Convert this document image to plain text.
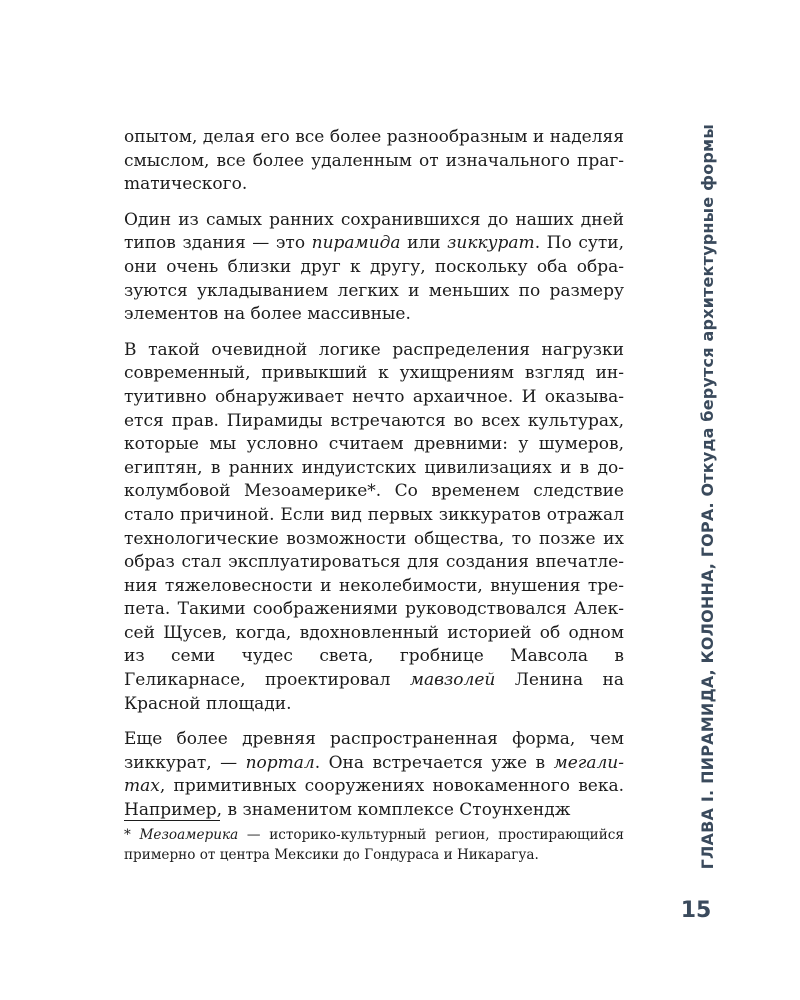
опытом, делая его все более разнообразным и наделяя смыслом, все более удаленным от изначального прагmатического.

Один из самых ранних сохранившихся до наших дней типов здания — это пирамида или зиккурат. По сути, они очень близки друг к другу, поскольку оба образуются укладыванием легких и меньших по размеру элементов на более массивные.

В такой очевидной логике распределения нагрузки современный, привыкший к ухищрениям взгляд интуитивно обнаруживает нечто архаичное. И оказывается прав. Пирамиды встречаются во всех культурах, которые мы условно считаем древними: у шумеров, египтян, в ранних индуистских цивилизациях и в доколумбовой Мезоамерике*. Со временем следствие стало причиной. Если вид первых зиккуратов отражал технологические возможности общества, то позже их образ стал эксплуатироваться для создания впечатления тяжеловесности и неколебимости, внушения трепета. Такими соображениями руководствовался Алексей Щусев, когда, вдохновленный историей об одном из семи чудес света, гробнице Мавсола в Геликарнасе, проектировал мавзолей Ленина на Красной площади.

Еще более древняя распространенная форма, чем зиккурат, — портал. Она встречается уже в мегалитах, примитивных сооружениях новокаменного века. Например, в знаменитом комплексе Стоунхендж

* Мезоамерика — историко-культурный регион, простирающийся примерно от центра Мексики до Гондураса и Никарагуа.	ГЛАВА I. ПИРАМИДА, КОЛОННА, ГОРА. Откуда берутся архитектурные формы
15
